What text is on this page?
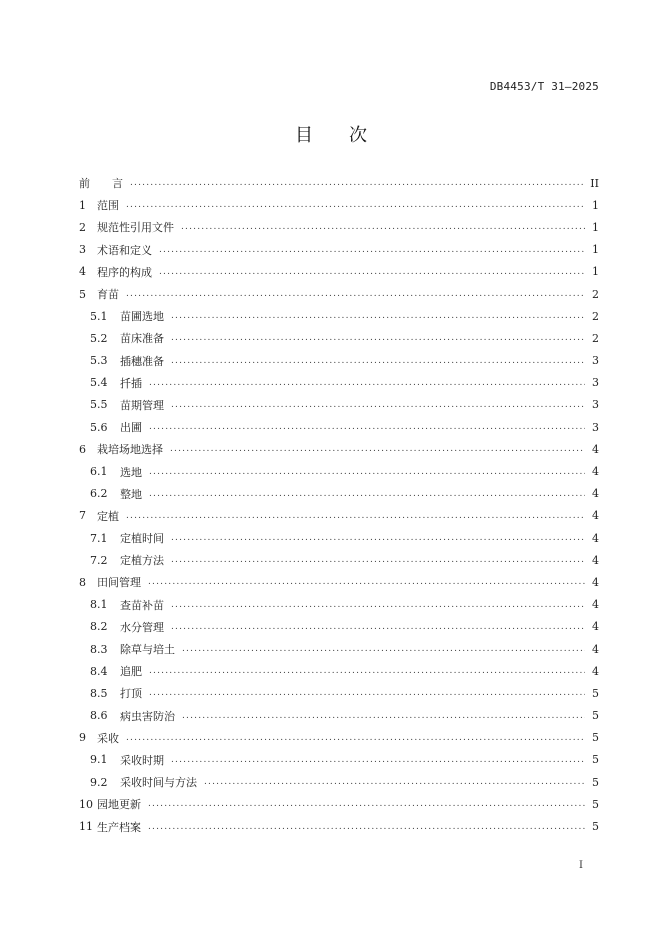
DB4453/T 31—2025
目 次
前　　言 .....	II
1	范围 .....	1
2	规范性引用文件 .....	1
3	术语和定义 .....	1
4	程序的构成 .....	1
5	育苗 .....	2
5.1	苗圃选地 .....	2
5.2	苗床准备 .....	2
5.3	插穗准备 .....	3
5.4	扦插 .....	3
5.5	苗期管理 .....	3
5.6	出圃 .....	3
6	栽培场地选择 .....	4
6.1	选地 .....	4
6.2	整地 .....	4
7	定植 .....	4
7.1	定植时间 .....	4
7.2	定植方法 .....	4
8	田间管理 .....	4
8.1	查苗补苗 .....	4
8.2	水分管理 .....	4
8.3	除草与培土 .....	4
8.4	追肥 .....	4
8.5	打顶 .....	5
8.6	病虫害防治 .....	5
9	采收 .....	5
9.1	采收时期 .....	5
9.2	采收时间与方法 .....	5
10 园地更新 .....	5
11 生产档案 .....	5
I
